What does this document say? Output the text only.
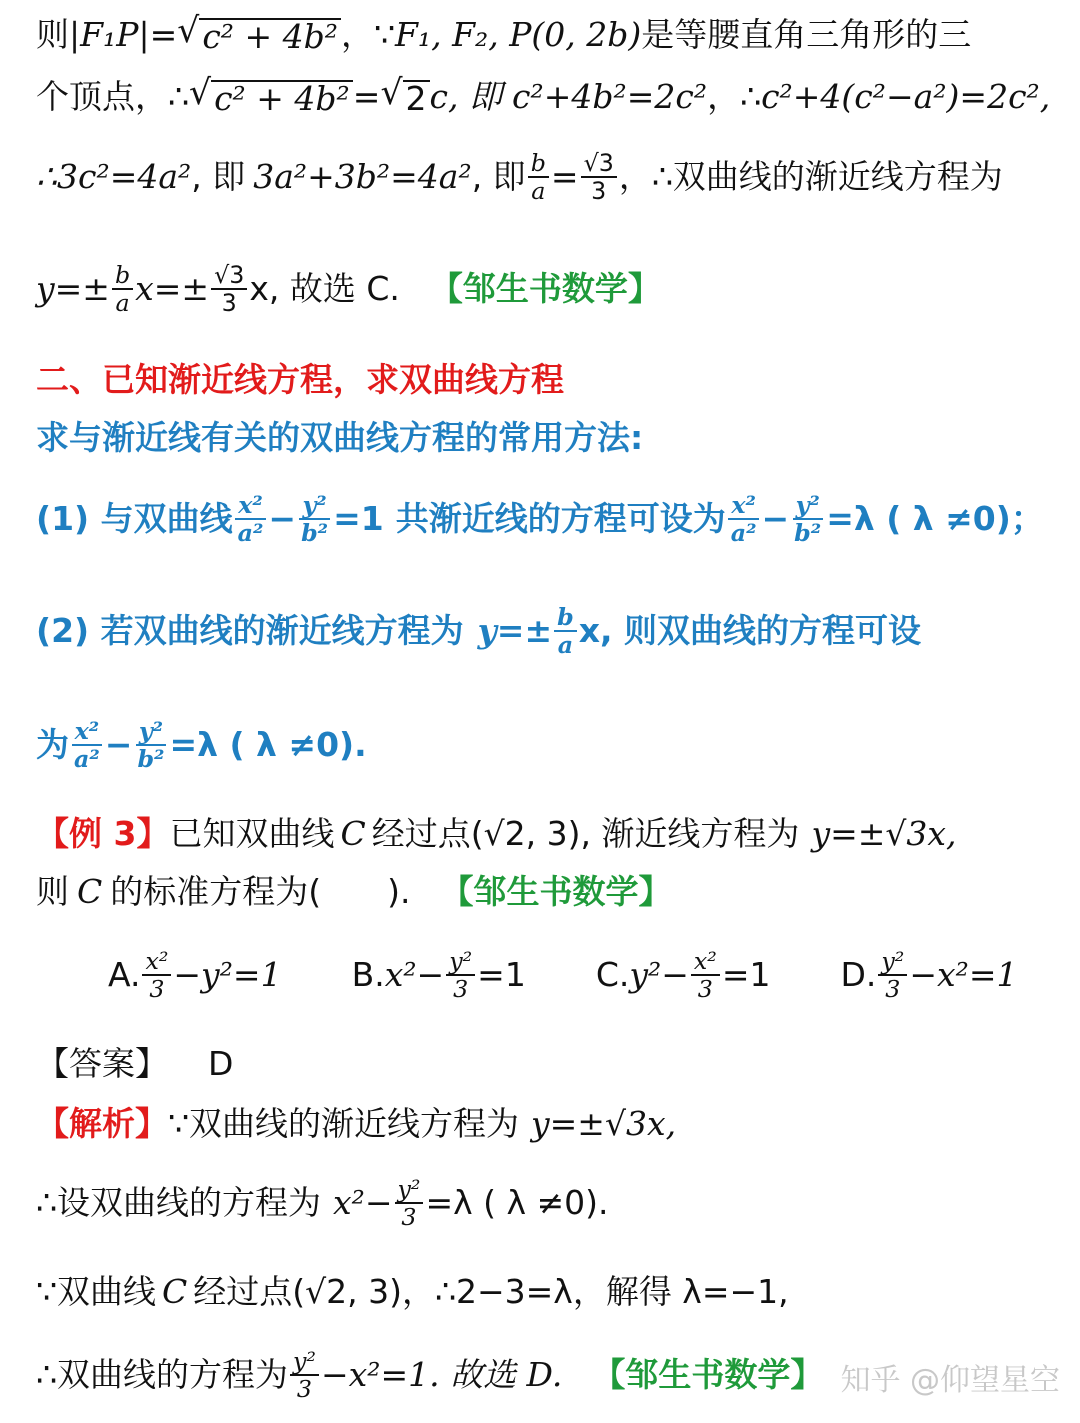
则 |F₁P| = √ c² + 4b² ，∵ F₁, F₂, P(0, 2b) 是等腰直角三角形的三
个顶点，∴ √ c² + 4b² = √ 2 c, 即 c²+4b²=2c² ，∴ c²+4(c²−a²)=2c²,
∴3c²=4a² , 即 3a²+3b²=4a² , 即 $\frac{b}{a} = \frac{√3}{3}$ ，∴双曲线的渐近线方程为
$y=\pm \frac{b}{a} x=\pm \frac{√3}{3} x$, 故选 C. 【邹生书数学】
二、已知渐近线方程，求双曲线方程
求与渐近线有关的双曲线方程的常用方法:
(1) 与双曲线 $\frac{\text{x²}}{\text{a²}} - \frac{\text{y²}}{\text{b²}} =1$ 共渐近线的方程可设为 $\frac{\text{x²}}{\text{a²}} - \frac{\text{y²}}{\text{b²}} =\lambda$ ( λ ≠0)；
(2) 若双曲线的渐近线方程为 $y=\pm \frac{b}{a} x$, 则双曲线的方程可设
为 $\frac{\text{x²}}{\text{a²}} - \frac{\text{y²}}{\text{b²}} =\lambda$ ( λ ≠0).
【例 3】 已知双曲线 C 经过点 (√2, 3) , 渐近线方程为 y=±√3x,
则 C 的标准方程为(　　). 【邹生书数学】
A. $\frac{\text{x²}}{3} -y^2=1$ B. $x^2- \frac{\text{y²}}{3} =1$ C. $y^2- \frac{\text{x²}}{3} =1$ D. $\frac{\text{y²}}{3} -x^2=1$
【答案】 D
【解析】 ∵双曲线的渐近线方程为 y=±√3x,
∴设双曲线的方程为 $x^2- \frac{\text{y²}}{3} =\lambda$ ( λ ≠0).
∵双曲线 C 经过点 (√2, 3) ，∴2−3=λ，解得 λ=−1,
∴双曲线的方程为 $\frac{\text{y²}}{3} -x^2=1$. 故选 D. 【邹生书数学】 知乎 @仰望星空
